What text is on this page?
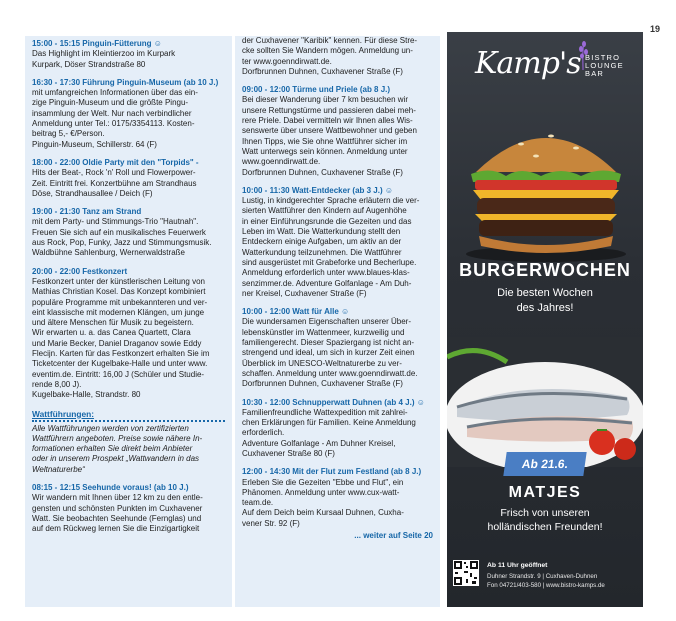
19
15:00 - 15:15 Pinguin-Fütterung ☺
Das Highlight im Kleintierzoo im Kurpark
Kurpark, Döser Strandstraße 80
16:30 - 17:30 Führung Pinguin-Museum (ab 10 J.)
mit umfangreichen Informationen über das ein-
zige Pinguin-Museum und die größte Pingu-
insammlung der Welt. Nur nach verbindlicher
Anmeldung unter Tel.: 0175/3354113. Kosten-
beitrag 5,- €/Person.
Pinguin-Museum, Schillerstr. 64 (F)
18:00 - 22:00 Oldie Party mit den "Torpids" -
Hits der Beat-, Rock 'n' Roll und Flowerpower-
Zeit. Eintritt frei. Konzertbühne am Strandhaus
Döse, Strandhausallee / Deich (F)
19:00 - 21:30 Tanz am Strand
mit dem Party- und Stimmungs-Trio "Hautnah".
Freuen Sie sich auf ein musikalisches Feuerwerk
aus Rock, Pop, Funky, Jazz und Stimmungsmusik.
Waldbühne Sahlenburg, Wernerwaldstraße
20:00 - 22:00 Festkonzert
Festkonzert unter der künstlerischen Leitung von
Mathias Christian Kosel. Das Konzept kombiniert
populäre Programme mit unbekannteren und ver-
eint klassische mit modernen Klängen, um junge
und ältere Menschen für Musik zu begeistern.
Wir erwarten u. a. das Canea Quartett, Clara
und Marie Becker, Daniel Draganov sowie Eddy
Flecijn. Karten für das Festkonzert erhalten Sie im
Ticketcenter der Kugelbake-Halle und unter www.
eventim.de. Eintritt: 16,00 J (Schüler und Studie-
rende 8,00 J).
Kugelbake-Halle, Strandstr. 80
Wattführungen:
Alle Wattführungen werden von zertifizierten
Wattführern angeboten. Preise sowie nähere In-
formationen erhalten Sie direkt beim Anbieter
oder in unserem Prospekt „Wattwandern in das
Weltnaturerbe“
08:15 - 12:15 Seehunde voraus! (ab 10 J.)
Wir wandern mit Ihnen über 12 km zu den entle-
gensten und schönsten Punkten im Cuxhavener
Watt. Sie beobachten Seehunde (Fernglas) und
auf dem Rückweg lernen Sie die Einzigartigkeit
der Cuxhavener "Karibik" kennen. Für diese Stre-
cke sollten Sie Wandern mögen. Anmeldung un-
ter www.goenndirwatt.de.
Dorfbrunnen Duhnen, Cuxhavener Straße (F)
09:00 - 12:00 Türme und Priele (ab 8 J.)
Bei dieser Wanderung über 7 km besuchen wir
unsere Rettungstürme und passieren dabei meh-
rere Priele. Dabei vermitteln wir Ihnen alles Wis-
senswerte über unsere Wattbewohner und geben
Ihnen Tipps, wie Sie ohne Wattführer sicher im
Watt unterwegs sein können. Anmeldung unter
www.goenndirwatt.de.
Dorfbrunnen Duhnen, Cuxhavener Straße (F)
10:00 - 11:30 Watt-Entdecker (ab 3 J.) ☺
Lustig, in kindgerechter Sprache erläutern die ver-
sierten Wattführer den Kindern auf Augenhöhe
in einer Einführungsrunde die Gezeiten und das
Leben im Watt. Die Watterkundung stellt den
Entdeckern einige Aufgaben, um aktiv an der
Watterkundung teilzunehmen. Die Wattführer
sind ausgerüstet mit Grabeforke und Becherlupe.
Anmeldung erforderlich unter www.blaues-klas-
senzimmer.de. Adventure Golfanlage - Am Duh-
ner Kreisel, Cuxhavener Straße (F)
10:00 - 12:00 Watt für Alle ☺
Die wundersamen Eigenschaften unserer Über-
lebenskünstler im Wattenmeer, kurzweilig und
familiengerecht. Dieser Spaziergang ist nicht an-
strengend und ideal, um sich in kurzer Zeit einen
Überblick im UNESCO-Weltnaturerbe zu ver-
schaffen. Anmeldung unter www.goenndirwatt.de.
Dorfbrunnen Duhnen, Cuxhavener Straße (F)
10:30 - 12:00 Schnupperwatt Duhnen (ab 4 J.) ☺
Familienfreundliche Wattexpedition mit zahlrei-
chen Erklärungen für Familien. Keine Anmeldung
erforderlich.
Adventure Golfanlage - Am Duhner Kreisel,
Cuxhavener Straße 80 (F)
12:00 - 14:30 Mit der Flut zum Festland (ab 8 J.)
Erleben Sie die Gezeiten "Ebbe und Flut", ein
Phänomen. Anmeldung unter www.cux-watt-
team.de.
Auf dem Deich beim Kursaal Duhnen, Cuxha-
vener Str. 92 (F)
... weiter auf Seite 20
Kamp's BISTRO
LOUNGE
BAR
BURGERWOCHEN
Die besten Wochen
des Jahres!
Ab 21.6.
MATJES
Frisch von unseren
holländischen Freunden!
Ab 11 Uhr geöffnet
Duhner Strandstr. 9 | Cuxhaven-Duhnen
Fon 04721/403-580 | www.bistro-kamps.de
